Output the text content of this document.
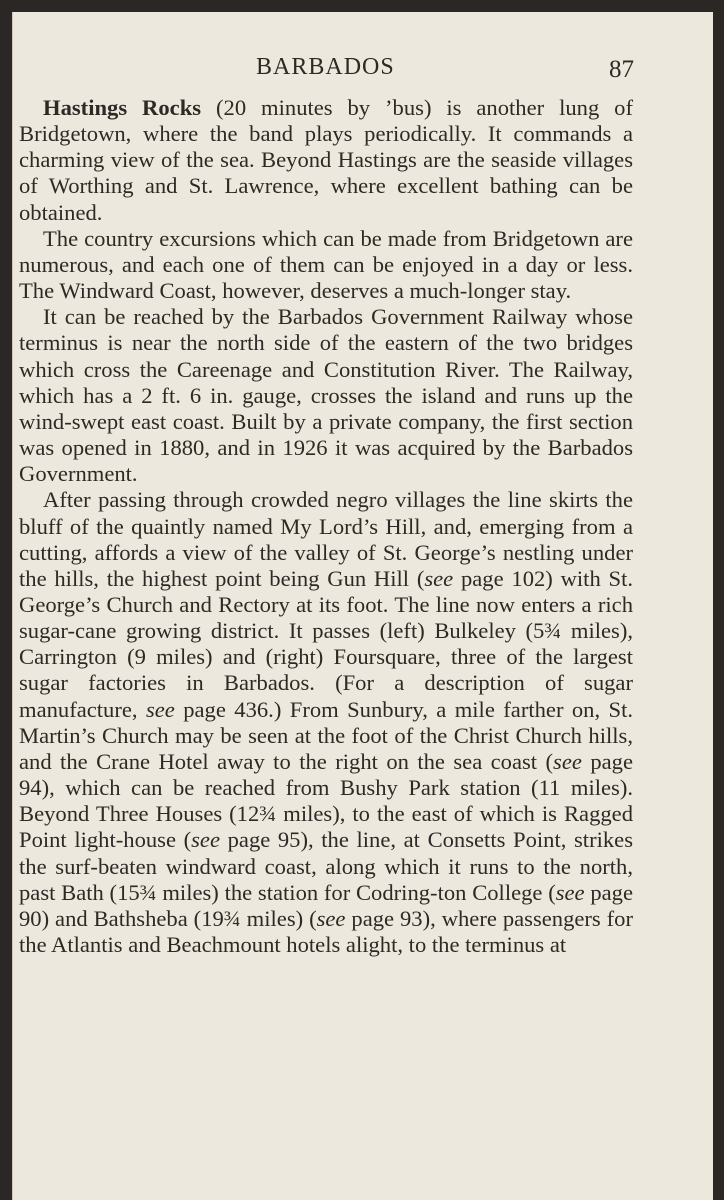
BARBADOS	87

Hastings Rocks (20 minutes by ’bus) is another lung of Bridgetown, where the band plays periodically. It commands a charming view of the sea. Beyond Hastings are the seaside villages of Worthing and St. Lawrence, where excellent bathing can be obtained.

The country excursions which can be made from Bridgetown are numerous, and each one of them can be enjoyed in a day or less. The Windward Coast, however, deserves a much-longer stay.

It can be reached by the Barbados Government Railway whose terminus is near the north side of the eastern of the two bridges which cross the Careenage and Constitution River. The Railway, which has a 2 ft. 6 in. gauge, crosses the island and runs up the wind-swept east coast. Built by a private company, the first section was opened in 1880, and in 1926 it was acquired by the Barbados Government.

After passing through crowded negro villages the line skirts the bluff of the quaintly named My Lord’s Hill, and, emerging from a cutting, affords a view of the valley of St. George’s nestling under the hills, the highest point being Gun Hill (see page 102) with St. George’s Church and Rectory at its foot. The line now enters a rich sugar-cane growing district. It passes (left) Bulkeley (5¾ miles), Carrington (9 miles) and (right) Foursquare, three of the largest sugar factories in Barbados. (For a description of sugar manufacture, see page 436.) From Sunbury, a mile farther on, St. Martin’s Church may be seen at the foot of the Christ Church hills, and the Crane Hotel away to the right on the sea coast (see page 94), which can be reached from Bushy Park station (11 miles). Beyond Three Houses (12¾ miles), to the east of which is Ragged Point light-house (see page 95), the line, at Consetts Point, strikes the surf-beaten windward coast, along which it runs to the north, past Bath (15¾ miles) the station for Codring-ton College (see page 90) and Bathsheba (19¾ miles) (see page 93), where passengers for the Atlantis and Beachmount hotels alight, to the terminus at
